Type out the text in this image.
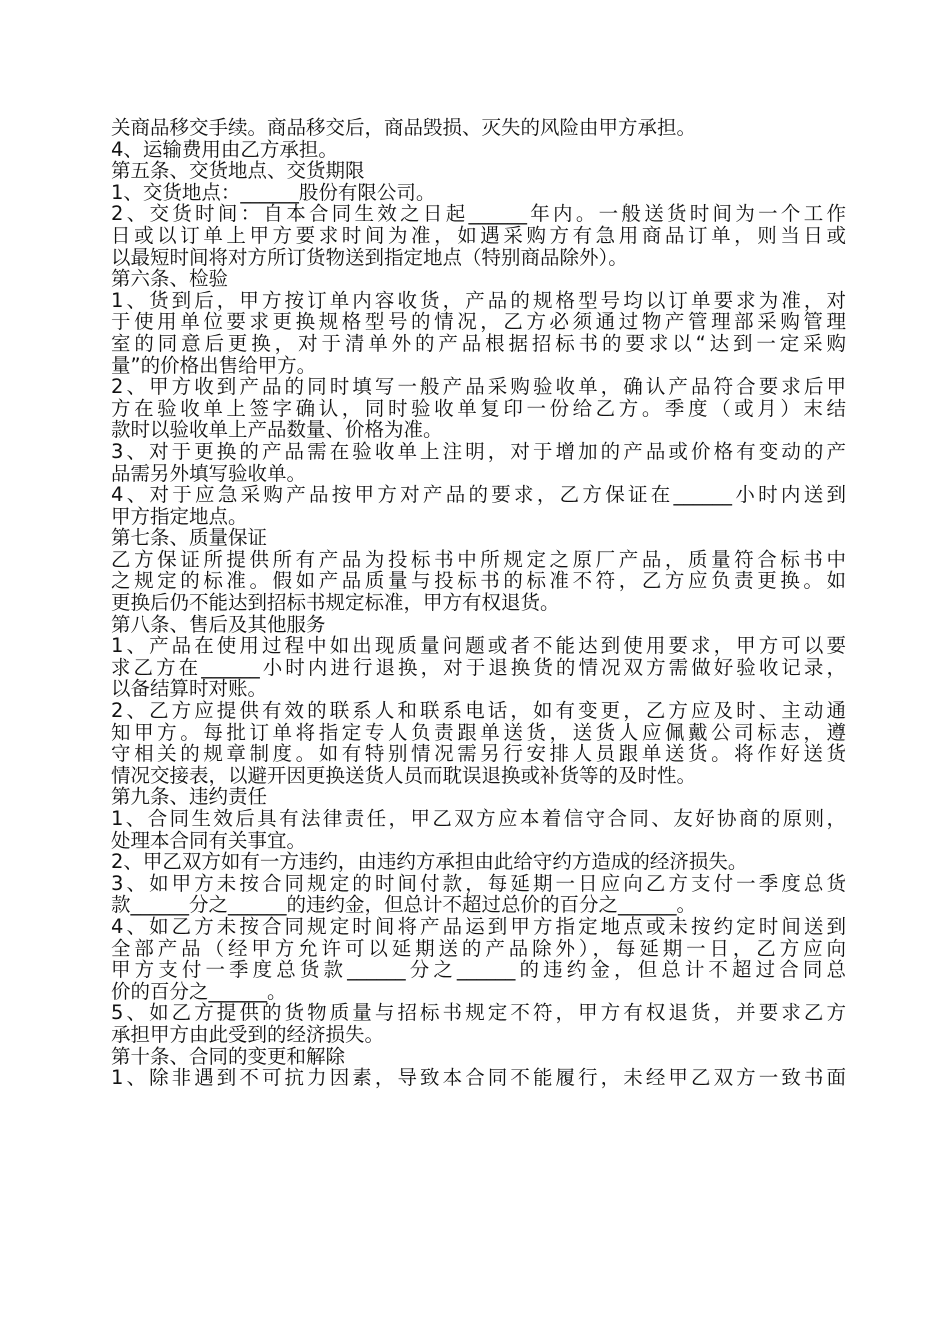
关商品移交手续。商品移交后，商品毁损、灭失的风险由甲方承担。
4、运输费用由乙方承担。
第五条、交货地点、交货期限
1、交货地点：______股份有限公司。
2、交货时间：自本合同生效之日起______年内。一般送货时间为一个工作
日或以订单上甲方要求时间为准，如遇采购方有急用商品订单，则当日或
以最短时间将对方所订货物送到指定地点（特别商品除外）。
第六条、检验
1、货到后，甲方按订单内容收货，产品的规格型号均以订单要求为准，对
于使用单位要求更换规格型号的情况，乙方必须通过物产管理部采购管理
室的同意后更换，对于清单外的产品根据招标书的要求以“达到一定采购
量”的价格出售给甲方。
2、甲方收到产品的同时填写一般产品采购验收单，确认产品符合要求后甲
方在验收单上签字确认，同时验收单复印一份给乙方。季度（或月）末结
款时以验收单上产品数量、价格为准。
3、对于更换的产品需在验收单上注明，对于增加的产品或价格有变动的产
品需另外填写验收单。
4、对于应急采购产品按甲方对产品的要求，乙方保证在______小时内送到
甲方指定地点。
第七条、质量保证
乙方保证所提供所有产品为投标书中所规定之原厂产品，质量符合标书中
之规定的标准。假如产品质量与投标书的标准不符，乙方应负责更换。如
更换后仍不能达到招标书规定标准，甲方有权退货。
第八条、售后及其他服务
1、产品在使用过程中如出现质量问题或者不能达到使用要求，甲方可以要
求乙方在______小时内进行退换，对于退换货的情况双方需做好验收记录，
以备结算时对账。
2、乙方应提供有效的联系人和联系电话，如有变更，乙方应及时、主动通
知甲方。每批订单将指定专人负责跟单送货，送货人应佩戴公司标志，遵
守相关的规章制度。如有特别情况需另行安排人员跟单送货。将作好送货
情况交接表，以避开因更换送货人员而耽误退换或补货等的及时性。
第九条、违约责任
1、合同生效后具有法律责任，甲乙双方应本着信守合同、友好协商的原则，
处理本合同有关事宜。
2、甲乙双方如有一方违约，由违约方承担由此给守约方造成的经济损失。
3、如甲方未按合同规定的时间付款，每延期一日应向乙方支付一季度总货
款______分之______的违约金，但总计不超过总价的百分之______。
4、如乙方未按合同规定时间将产品运到甲方指定地点或未按约定时间送到
全部产品（经甲方允许可以延期送的产品除外），每延期一日，乙方应向
甲方支付一季度总货款______分之______的违约金，但总计不超过合同总
价的百分之______。
5、如乙方提供的货物质量与招标书规定不符，甲方有权退货，并要求乙方
承担甲方由此受到的经济损失。
第十条、合同的变更和解除
1、除非遇到不可抗力因素，导致本合同不能履行，未经甲乙双方一致书面
